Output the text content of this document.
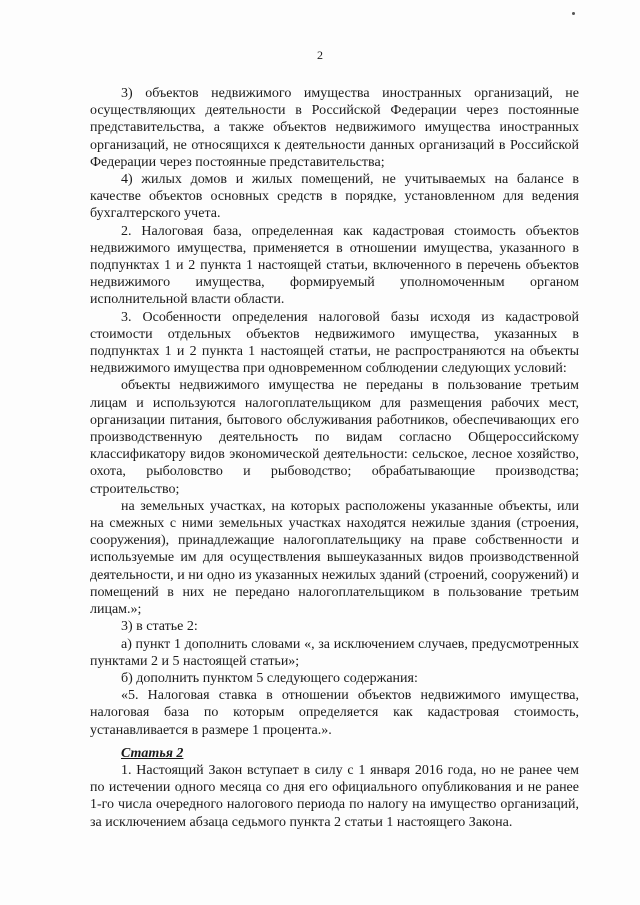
2

3) объектов недвижимого имущества иностранных организаций, не осуществляющих деятельности в Российской Федерации через постоянные представительства, а также объектов недвижимого имущества иностранных организаций, не относящихся к деятельности данных организаций в Российской Федерации через постоянные представительства;

4) жилых домов и жилых помещений, не учитываемых на балансе в качестве объектов основных средств в порядке, установленном для ведения бухгалтерского учета.

2. Налоговая база, определенная как кадастровая стоимость объектов недвижимого имущества, применяется в отношении имущества, указанного в подпунктах 1 и 2 пункта 1 настоящей статьи, включенного в перечень объектов недвижимого имущества, формируемый уполномоченным органом исполнительной власти области.

3. Особенности определения налоговой базы исходя из кадастровой стоимости отдельных объектов недвижимого имущества, указанных в подпунктах 1 и 2 пункта 1 настоящей статьи, не распространяются на объекты недвижимого имущества при одновременном соблюдении следующих условий:

объекты недвижимого имущества не переданы в пользование третьим лицам и используются налогоплательщиком для размещения рабочих мест, организации питания, бытового обслуживания работников, обеспечивающих его производственную деятельность по видам согласно Общероссийскому классификатору видов экономической деятельности: сельское, лесное хозяйство, охота, рыболовство и рыбоводство; обрабатывающие производства; строительство;

на земельных участках, на которых расположены указанные объекты, или на смежных с ними земельных участках находятся нежилые здания (строения, сооружения), принадлежащие налогоплательщику на праве собственности и используемые им для осуществления вышеуказанных видов производственной деятельности, и ни одно из указанных нежилых зданий (строений, сооружений) и помещений в них не передано налогоплательщиком в пользование третьим лицам.»;

3) в статье 2:

а) пункт 1 дополнить словами «, за исключением случаев, предусмотренных пунктами 2 и 5 настоящей статьи»;

б) дополнить пунктом 5 следующего содержания:

«5. Налоговая ставка в отношении объектов недвижимого имущества, налоговая база по которым определяется как кадастровая стоимость, устанавливается в размере 1 процента.».

Статья 2

1. Настоящий Закон вступает в силу с 1 января 2016 года, но не ранее чем по истечении одного месяца со дня его официального опубликования и не ранее 1-го числа очередного налогового периода по налогу на имущество организаций, за исключением абзаца седьмого пункта 2 статьи 1 настоящего Закона.
